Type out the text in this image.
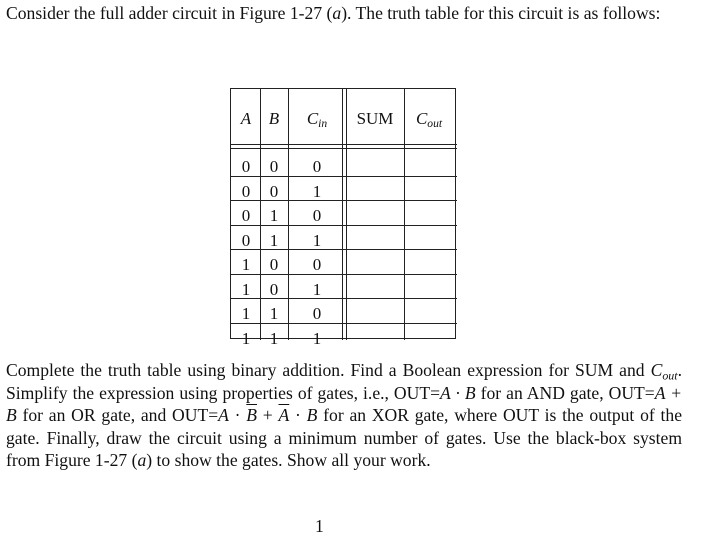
Consider the full adder circuit in Figure 1-27 (a). The truth table for this circuit is as follows:

A B $C_{in}$ SUM $C_{out}$
0 0 0
0 0 1
0 1 0
0 1 1
1 0 0
1 0 1
1 1 0
1 1 1

Complete the truth table using binary addition. Find a Boolean expression for SUM and $C_{out}$. Simplify the expression using properties of gates, i.e., OUT=A · B for an AND gate, OUT=A + B for an OR gate, and $OUT=A \cdot \overline{B} + \overline{A} \cdot B$ for an XOR gate, where OUT is the output of the gate. Finally, draw the circuit using a minimum number of gates. Use the black-box system from Figure 1-27 (a) to show the gates. Show all your work.

1
